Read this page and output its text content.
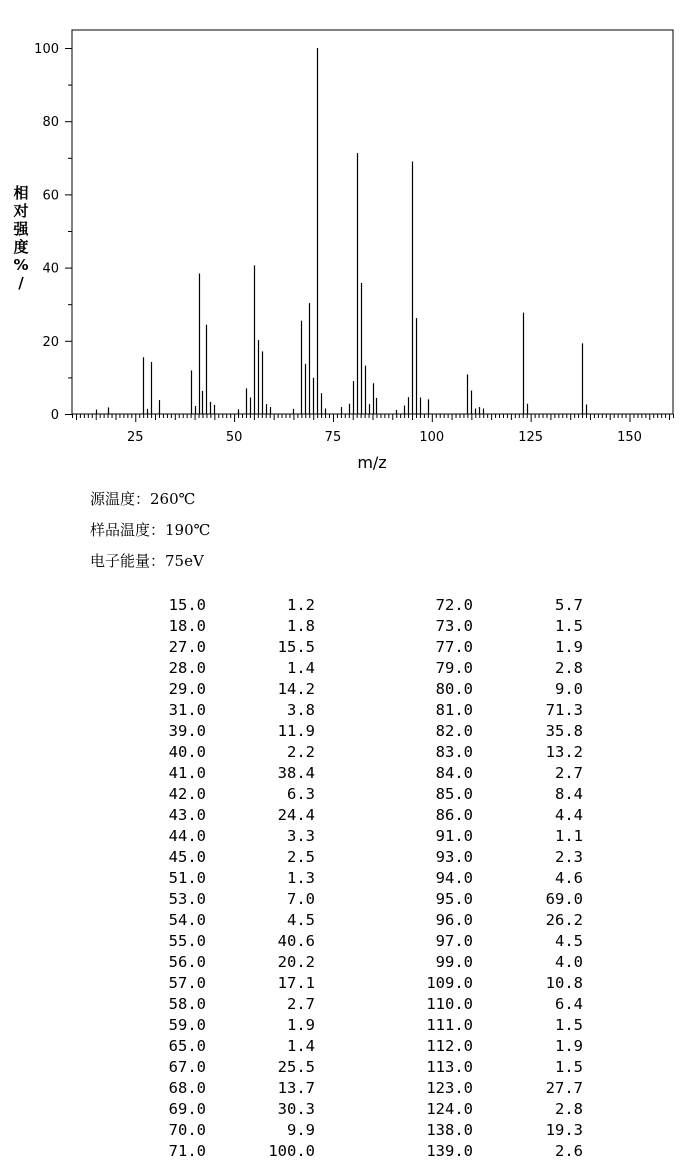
25	50	75	100	125	150
0
20
40
60
80
100
m/z
相对强度% /
源温度：260℃
样品温度：190℃
电子能量：75eV
15.0	1.2	72.0	5.7
18.0	1.8	73.0	1.5
27.0	15.5	77.0	1.9
28.0	1.4	79.0	2.8
29.0	14.2	80.0	9.0
31.0	3.8	81.0	71.3
39.0	11.9	82.0	35.8
40.0	2.2	83.0	13.2
41.0	38.4	84.0	2.7
42.0	6.3	85.0	8.4
43.0	24.4	86.0	4.4
44.0	3.3	91.0	1.1
45.0	2.5	93.0	2.3
51.0	1.3	94.0	4.6
53.0	7.0	95.0	69.0
54.0	4.5	96.0	26.2
55.0	40.6	97.0	4.5
56.0	20.2	99.0	4.0
57.0	17.1	109.0	10.8
58.0	2.7	110.0	6.4
59.0	1.9	111.0	1.5
65.0	1.4	112.0	1.9
67.0	25.5	113.0	1.5
68.0	13.7	123.0	27.7
69.0	30.3	124.0	2.8
70.0	9.9	138.0	19.3
71.0	100.0	139.0	2.6
